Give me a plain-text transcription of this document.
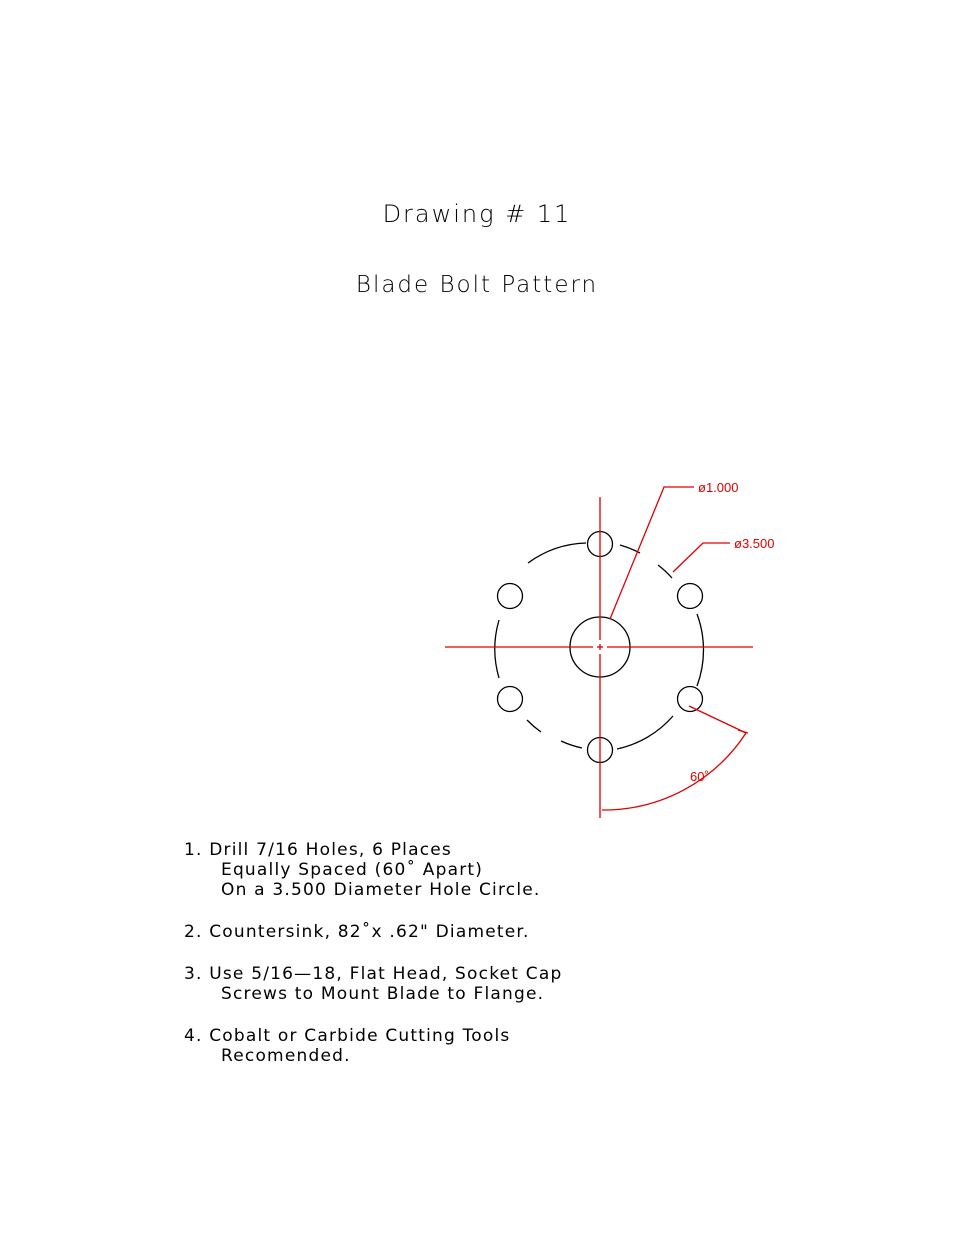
Drawing # 11
Blade Bolt Pattern
ø1.000
ø3.500
60˚
1. Drill 7/16 Holes, 6 Places
Equally Spaced (60˚ Apart)
On a 3.500 Diameter Hole Circle.
2. Countersink, 82˚x .62" Diameter.
3. Use 5/16—18, Flat Head, Socket Cap
Screws to Mount Blade to Flange.
4. Cobalt or Carbide Cutting Tools
Recomended.
